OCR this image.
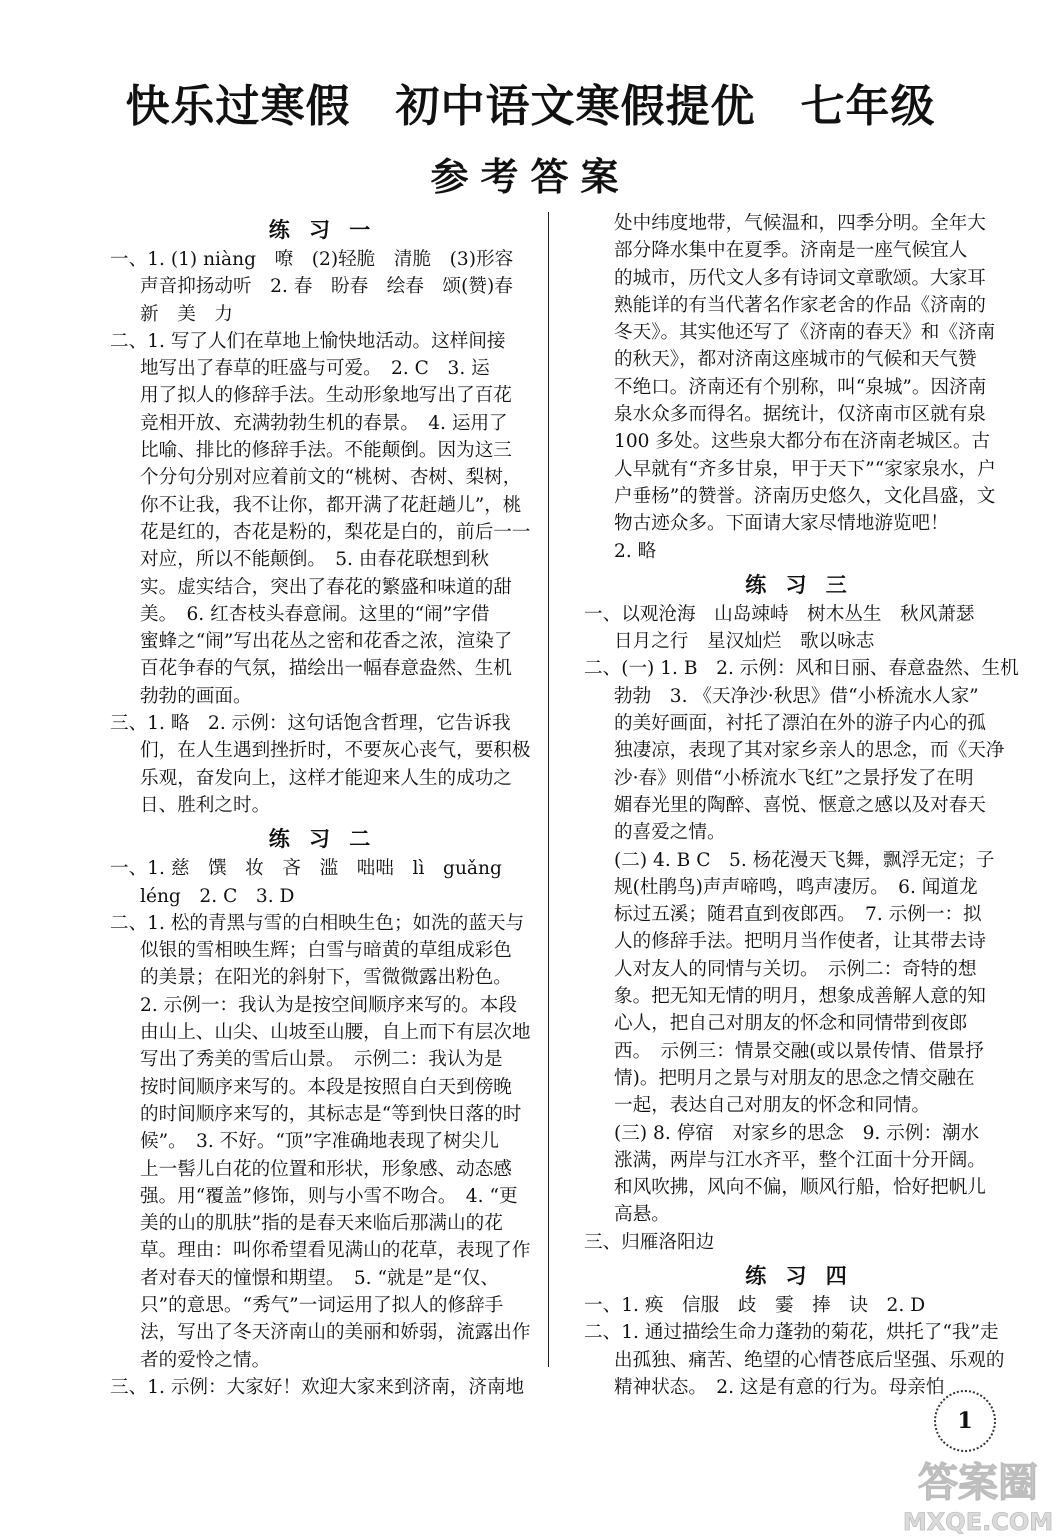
快乐过寒假　初中语文寒假提优　七年级
参考答案
练 习 一
一、1. (1) niàng　嘹　(2)轻脆　清脆　(3)形容
声音抑扬动听　2. 春　盼春　绘春　颂(赞)春
新　美　力
二、1. 写了人们在草地上愉快地活动。这样间接
地写出了春草的旺盛与可爱。　2. C　3. 运
用了拟人的修辞手法。生动形象地写出了百花
竞相开放、充满勃勃生机的春景。　4. 运用了
比喻、排比的修辞手法。不能颠倒。因为这三
个分句分别对应着前文的“桃树、杏树、梨树，
你不让我，我不让你，都开满了花赶趟儿”，桃
花是红的，杏花是粉的，梨花是白的，前后一一
对应，所以不能颠倒。　5. 由春花联想到秋
实。虚实结合，突出了春花的繁盛和味道的甜
美。　6. 红杏枝头春意闹。这里的“闹”字借
蜜蜂之“闹”写出花丛之密和花香之浓，渲染了
百花争春的气氛，描绘出一幅春意盎然、生机
勃勃的画面。
三、1. 略　2. 示例：这句话饱含哲理，它告诉我
们，在人生遇到挫折时，不要灰心丧气，要积极
乐观，奋发向上，这样才能迎来人生的成功之
日、胜利之时。
练 习 二
一、1. 慈　馔　妆　吝　滥　咄咄　lì　guǎng
léng　2. C　3. D
二、1. 松的青黑与雪的白相映生色；如洗的蓝天与
似银的雪相映生辉；白雪与暗黄的草组成彩色
的美景；在阳光的斜射下，雪微微露出粉色。
2. 示例一：我认为是按空间顺序来写的。本段
由山上、山尖、山坡至山腰，自上而下有层次地
写出了秀美的雪后山景。　示例二：我认为是
按时间顺序来写的。本段是按照自白天到傍晚
的时间顺序来写的，其标志是“等到快日落的时
候”。　3. 不好。“顶”字准确地表现了树尖儿
上一髻儿白花的位置和形状，形象感、动态感
强。用“覆盖”修饰，则与小雪不吻合。　4. “更
美的山的肌肤”指的是春天来临后那满山的花
草。理由：叫你希望看见满山的花草，表现了作
者对春天的憧憬和期望。　5. “就是”是“仅、
只”的意思。“秀气”一词运用了拟人的修辞手
法，写出了冬天济南山的美丽和娇弱，流露出作
者的爱怜之情。
三、1. 示例：大家好！欢迎大家来到济南，济南地
处中纬度地带，气候温和，四季分明。全年大
部分降水集中在夏季。济南是一座气候宜人
的城市，历代文人多有诗词文章歌颂。大家耳
熟能详的有当代著名作家老舍的作品《济南的
冬天》。其实他还写了《济南的春天》和《济南
的秋天》，都对济南这座城市的气候和天气赞
不绝口。济南还有个别称，叫“泉城”。因济南
泉水众多而得名。据统计，仅济南市区就有泉
100 多处。这些泉大都分布在济南老城区。古
人早就有“齐多甘泉，甲于天下”“家家泉水，户
户垂杨”的赞誉。济南历史悠久，文化昌盛，文
物古迹众多。下面请大家尽情地游览吧！
2. 略
练 习 三
一、以观沧海　山岛竦峙　树木丛生　秋风萧瑟
日月之行　星汉灿烂　歌以咏志
二、(一) 1. B　2. 示例：风和日丽、春意盎然、生机
勃勃　3. 《天净沙·秋思》借“小桥流水人家”
的美好画面，衬托了漂泊在外的游子内心的孤
独凄凉，表现了其对家乡亲人的思念，而《天净
沙·春》则借“小桥流水飞红”之景抒发了在明
媚春光里的陶醉、喜悦、惬意之感以及对春天
的喜爱之情。
(二) 4. B C　5. 杨花漫天飞舞，飘浮无定；子
规(杜鹃鸟)声声啼鸣，鸣声凄厉。　6. 闻道龙
标过五溪；随君直到夜郎西。　7. 示例一：拟
人的修辞手法。把明月当作使者，让其带去诗
人对友人的同情与关切。　示例二：奇特的想
象。把无知无情的明月，想象成善解人意的知
心人，把自己对朋友的怀念和同情带到夜郎
西。　示例三：情景交融(或以景传情、借景抒
情)。把明月之景与对朋友的思念之情交融在
一起，表达自己对朋友的怀念和同情。
(三) 8. 停宿　对家乡的思念　9. 示例：潮水
涨满，两岸与江水齐平，整个江面十分开阔。
和风吹拂，风向不偏，顺风行船，恰好把帆儿
高悬。
三、归雁洛阳边
练 习 四
一、1. 痪　信服　歧　霎　捧　诀　2. D
二、1. 通过描绘生命力蓬勃的菊花，烘托了“我”走
出孤独、痛苦、绝望的心情苍底后坚强、乐观的
精神状态。　2. 这是有意的行为。母亲怕
1
答案圈
MXQE.COM
